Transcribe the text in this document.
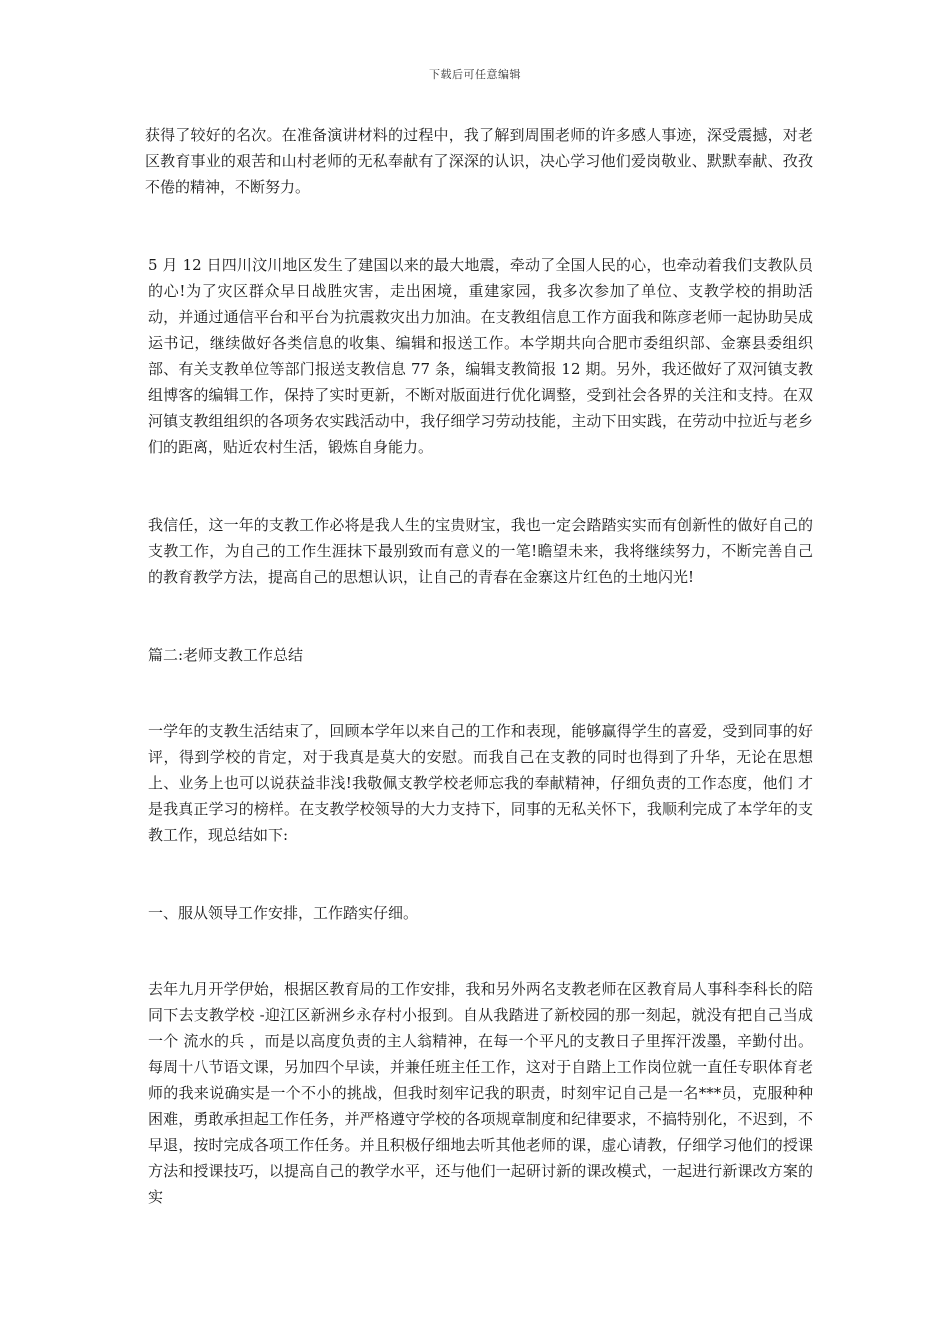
下载后可任意编辑

获得了较好的名次。在准备演讲材料的过程中，我了解到周围老师的许多感人事迹，深受震撼，对老区教育事业的艰苦和山村老师的无私奉献有了深深的认识，决心学习他们爱岗敬业、默默奉献、孜孜不倦的精神，不断努力。

5 月 12 日四川汶川地区发生了建国以来的最大地震，牵动了全国人民的心，也牵动着我们支教队员的心!为了灾区群众早日战胜灾害，走出困境，重建家园，我多次参加了单位、支教学校的捐助活动，并通过通信平台和平台为抗震救灾出力加油。在支教组信息工作方面我和陈彦老师一起协助吴成运书记，继续做好各类信息的收集、编辑和报送工作。本学期共向合肥市委组织部、金寨县委组织部、有关支教单位等部门报送支教信息 77 条，编辑支教简报 12 期。另外，我还做好了双河镇支教组博客的编辑工作，保持了实时更新，不断对版面进行优化调整，受到社会各界的关注和支持。在双河镇支教组组织的各项务农实践活动中，我仔细学习劳动技能，主动下田实践，在劳动中拉近与老乡们的距离，贴近农村生活，锻炼自身能力。

我信任，这一年的支教工作必将是我人生的宝贵财宝，我也一定会踏踏实实而有创新性的做好自己的支教工作，为自己的工作生涯抹下最别致而有意义的一笔!瞻望未来，我将继续努力，不断完善自己的教育教学方法，提高自己的思想认识，让自己的青春在金寨这片红色的土地闪光!

篇二:老师支教工作总结

一学年的支教生活结束了，回顾本学年以来自己的工作和表现，能够赢得学生的喜爱，受到同事的好评，得到学校的肯定，对于我真是莫大的安慰。而我自己在支教的同时也得到了升华，无论在思想上、业务上也可以说获益非浅!我敬佩支教学校老师忘我的奉献精神，仔细负责的工作态度，他们 才是我真正学习的榜样。在支教学校领导的大力支持下，同事的无私关怀下，我顺利完成了本学年的支教工作，现总结如下:

一、服从领导工作安排，工作踏实仔细。

去年九月开学伊始，根据区教育局的工作安排，我和另外两名支教老师在区教育局人事科李科长的陪同下去支教学校 -迎江区新洲乡永存村小报到。自从我踏进了新校园的那一刻起，就没有把自己当成一个 流水的兵 ，而是以高度负责的主人翁精神，在每一个平凡的支教日子里挥汗泼墨，辛勤付出。每周十八节语文课，另加四个早读，并兼任班主任工作，这对于自踏上工作岗位就一直任专职体育老师的我来说确实是一个不小的挑战，但我时刻牢记我的职责，时刻牢记自己是一名***员，克服种种困难，勇敢承担起工作任务，并严格遵守学校的各项规章制度和纪律要求，不搞特别化，不迟到，不早退，按时完成各项工作任务。并且积极仔细地去听其他老师的课，虚心请教，仔细学习他们的授课方法和授课技巧，以提高自己的教学水平，还与他们一起研讨新的课改模式，一起进行新课改方案的实
